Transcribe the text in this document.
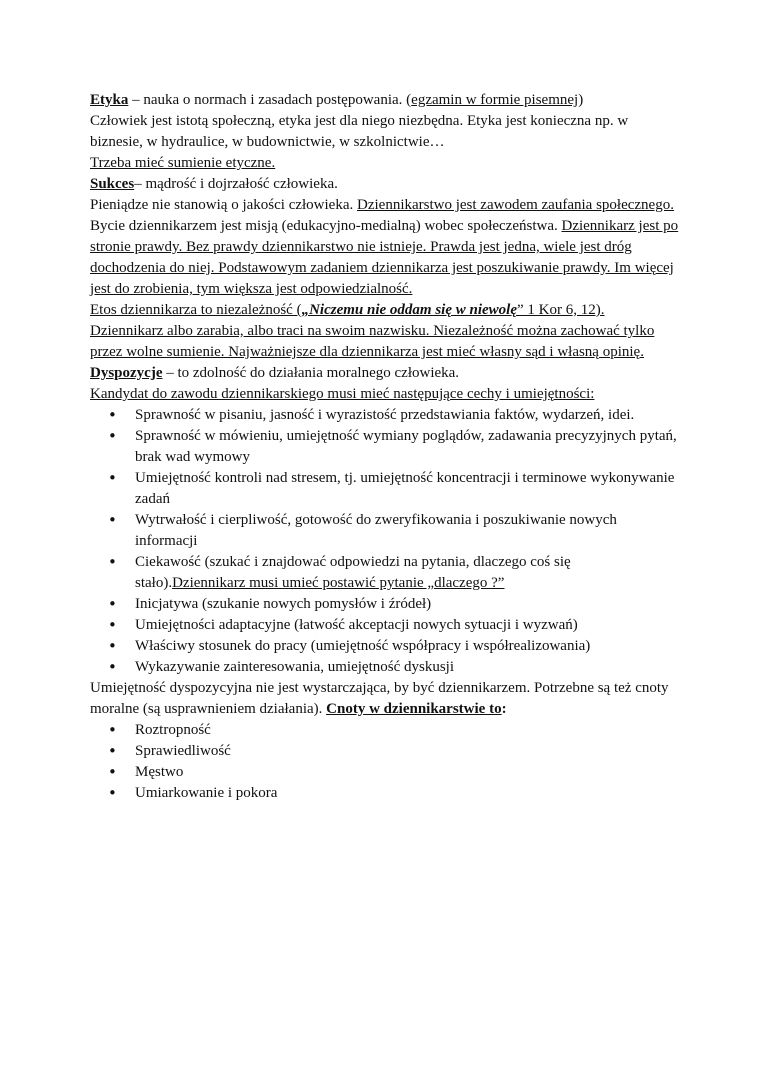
Etyka – nauka o normach i zasadach postępowania. (egzamin w formie pisemnej)

Człowiek jest istotą społeczną, etyka jest dla niego niezbędna. Etyka jest konieczna np. w biznesie, w hydraulice, w budownictwie, w szkolnictwie…

Trzeba mieć sumienie etyczne.

Sukces– mądrość i dojrzałość człowieka.

Pieniądze nie stanowią o jakości człowieka. Dziennikarstwo jest zawodem zaufania społecznego. Bycie dziennikarzem jest misją (edukacyjno-medialną) wobec społeczeństwa. Dziennikarz jest po stronie prawdy. Bez prawdy dziennikarstwo nie istnieje. Prawda jest jedna, wiele jest dróg dochodzenia do niej. Podstawowym zadaniem dziennikarza jest poszukiwanie prawdy. Im więcej jest do zrobienia, tym większa jest odpowiedzialność.
Etos dziennikarza to niezależność („Niczemu nie oddam się w niewolę” 1 Kor 6, 12).
Dziennikarz albo zarabia, albo traci na swoim nazwisku. Niezależność można zachować tylko przez wolne sumienie. Najważniejsze dla dziennikarza jest mieć własny sąd i własną opinię.

Dyspozycje – to zdolność do działania moralnego człowieka.

Kandydat do zawodu dziennikarskiego musi mieć następujące cechy i umiejętności:

• Sprawność w pisaniu, jasność i wyrazistość przedstawiania faktów, wydarzeń, idei.
• Sprawność w mówieniu, umiejętność wymiany poglądów, zadawania precyzyjnych pytań, brak wad wymowy
• Umiejętność kontroli nad stresem, tj. umiejętność koncentracji i terminowe wykonywanie zadań
• Wytrwałość i cierpliwość, gotowość do zweryfikowania i poszukiwanie nowych informacji
• Ciekawość (szukać i znajdować odpowiedzi na pytania, dlaczego coś się stało).Dziennikarz musi umieć postawić pytanie „dlaczego ?”
• Inicjatywa (szukanie nowych pomysłów i źródeł)
• Umiejętności adaptacyjne (łatwość akceptacji nowych sytuacji i wyzwań)
• Właściwy stosunek do pracy (umiejętność współpracy i współrealizowania)
• Wykazywanie zainteresowania, umiejętność dyskusji

Umiejętność dyspozycyjna nie jest wystarczająca, by być dziennikarzem. Potrzebne są też cnoty moralne (są usprawnieniem działania). Cnoty w dziennikarstwie to:

• Roztropność
• Sprawiedliwość
• Męstwo
• Umiarkowanie i pokora
